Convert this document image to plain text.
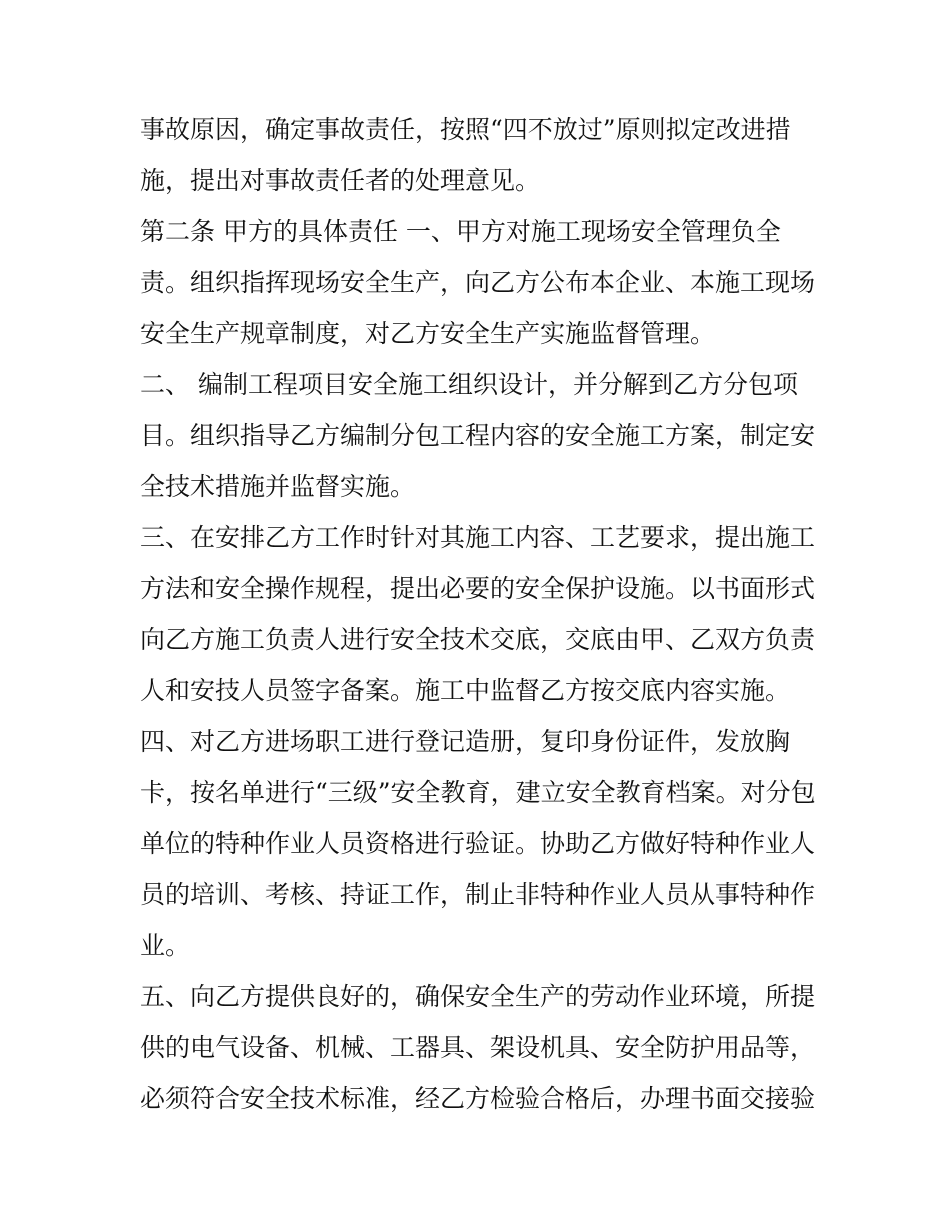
事故原因，确定事故责任，按照“四不放过”原则拟定改进措
施，提出对事故责任者的处理意见。
第二条 甲方的具体责任 一、甲方对施工现场安全管理负全
责。组织指挥现场安全生产，向乙方公布本企业、本施工现场
安全生产规章制度，对乙方安全生产实施监督管理。
二、 编制工程项目安全施工组织设计，并分解到乙方分包项
目。组织指导乙方编制分包工程内容的安全施工方案，制定安
全技术措施并监督实施。
三、在安排乙方工作时针对其施工内容、工艺要求，提出施工
方法和安全操作规程，提出必要的安全保护设施。以书面形式
向乙方施工负责人进行安全技术交底，交底由甲、乙双方负责
人和安技人员签字备案。施工中监督乙方按交底内容实施。
四、对乙方进场职工进行登记造册，复印身份证件，发放胸
卡，按名单进行“三级”安全教育，建立安全教育档案。对分包
单位的特种作业人员资格进行验证。协助乙方做好特种作业人
员的培训、考核、持证工作，制止非特种作业人员从事特种作
业。
五、向乙方提供良好的，确保安全生产的劳动作业环境，所提
供的电气设备、机械、工器具、架设机具、安全防护用品等，
必须符合安全技术标准，经乙方检验合格后，办理书面交接验
